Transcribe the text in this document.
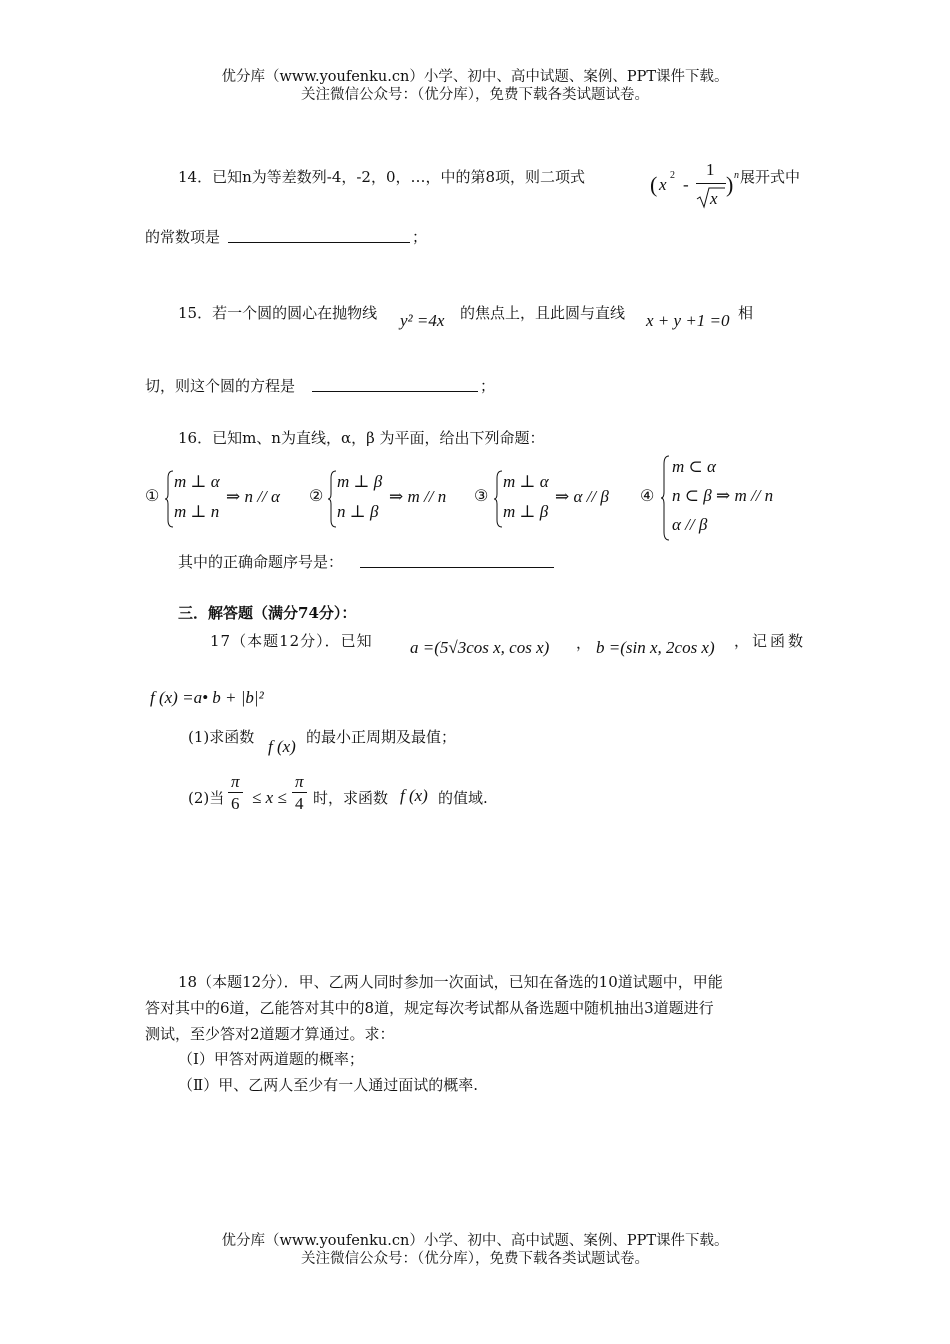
优分库（www.youfenku.cn）小学、初中、高中试题、案例、PPT课件下载。
关注微信公众号：（优分库），免费下载各类试题试卷。
14．已知n为等差数列-4，-2，0，…，中的第8项，则二项式	( x 2 -
1
x
) n 展开式中
的常数项是	；
15．若一个圆的圆心在抛物线 y² =4x 的焦点上，且此圆与直线 x + y +1 =0 相
切，则这个圆的方程是	；
16．已知m、n为直线，α，β 为平面，给出下列命题：
①
m ⊥ α
m ⊥ n
⇒ n // α ②
m ⊥ β
n ⊥ β
⇒ m // n ③
m ⊥ α
m ⊥ β
⇒ α // β ④
m ⊂ α
n ⊂ β ⇒ m // n
α // β
其中的正确命题序号是：
三．解答题（满分74分）：
17（本题12分）．已知 a =(5√3cos x, cos x) ， b =(sin x, 2cos x) ，记函数
f (x) =a• b + |b|²
(1)求函数 f (x) 的最小正周期及最值；
(2)当 $\frac{\pi}{6} \le x \le \frac{\pi}{4}$ 时，求函数 f (x) 的值域.
18（本题12分）．甲、乙两人同时参加一次面试，已知在备选的10道试题中，甲能
答对其中的6道，乙能答对其中的8道，规定每次考试都从备选题中随机抽出3道题进行
测试，至少答对2道题才算通过。求：
（Ⅰ）甲答对两道题的概率；
（Ⅱ）甲、乙两人至少有一人通过面试的概率.
优分库（www.youfenku.cn）小学、初中、高中试题、案例、PPT课件下载。
关注微信公众号：（优分库），免费下载各类试题试卷。
